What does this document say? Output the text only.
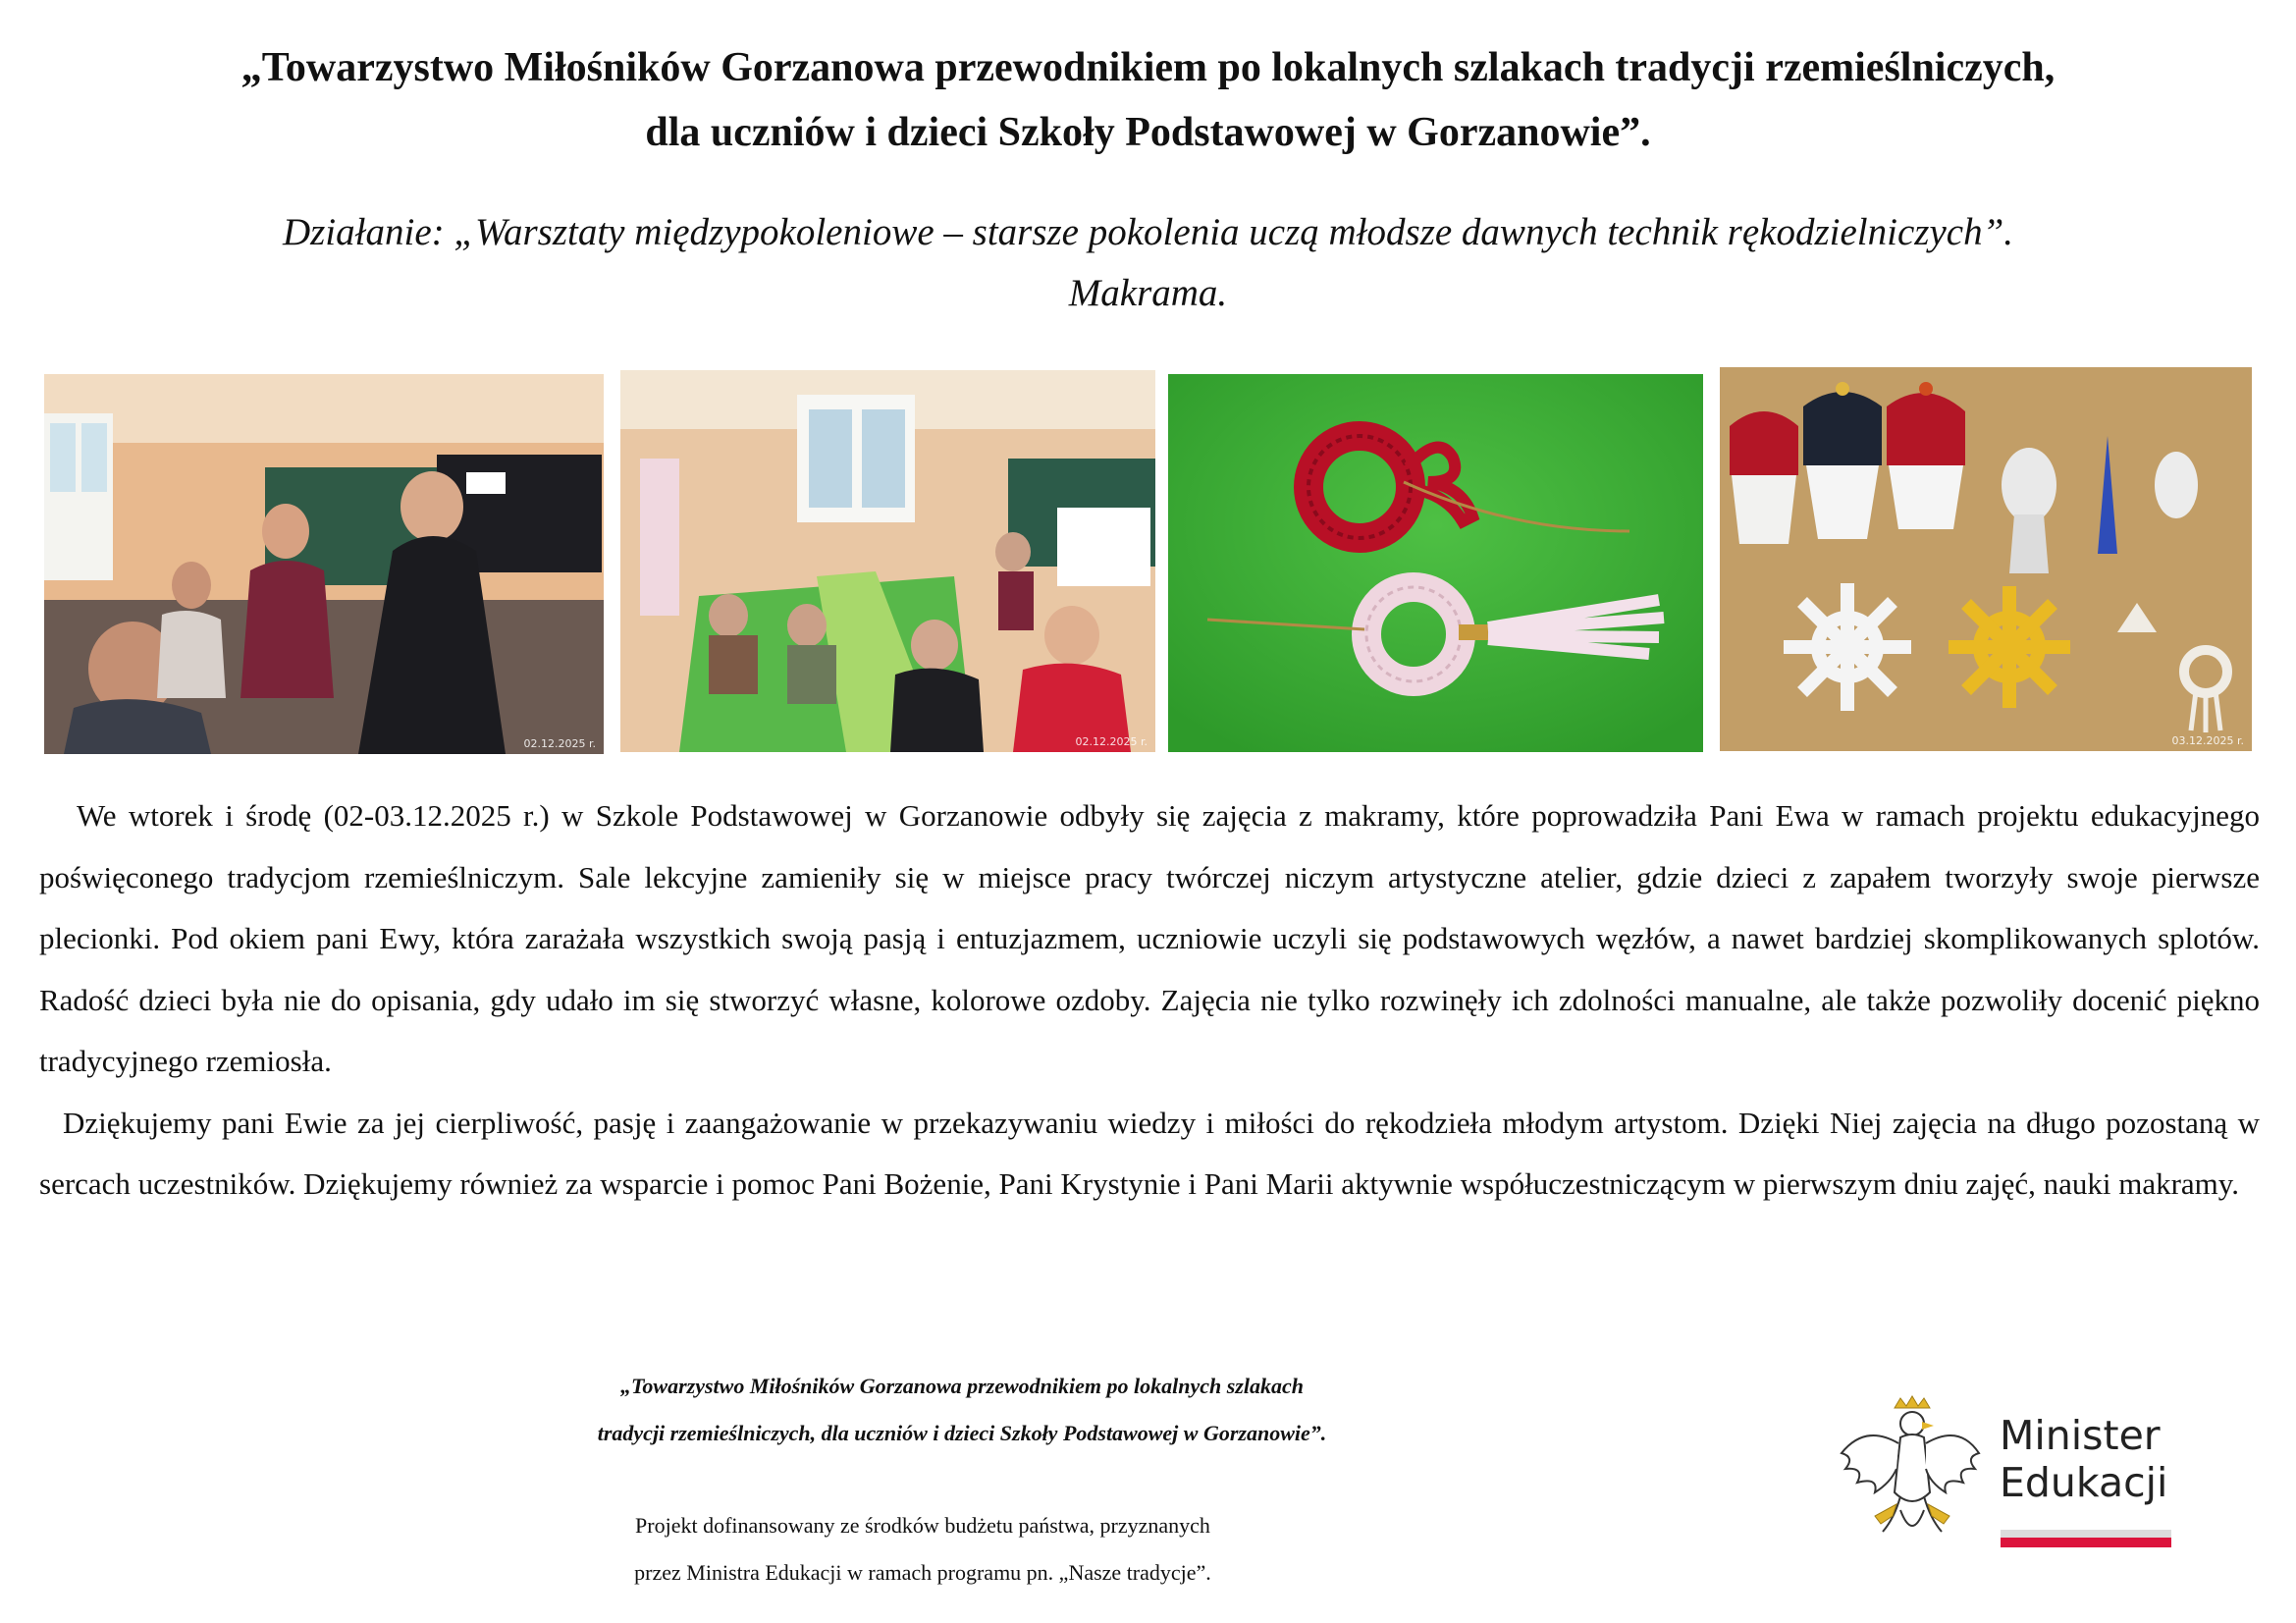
„Towarzystwo Miłośników Gorzanowa przewodnikiem po lokalnych szlakach tradycji rzemieślniczych,
dla uczniów i dzieci Szkoły Podstawowej w Gorzanowie”.
Działanie: „Warsztaty międzypokoleniowe – starsze pokolenia uczą młodsze dawnych technik rękodzielniczych”.
Makrama.
02.12.2025 r.	02.12.2025 r.	03.12.2025 r.

We wtorek i środę (02-03.12.2025 r.) w Szkole Podstawowej w Gorzanowie odbyły się zajęcia z makramy, które poprowadziła Pani Ewa w ramach projektu edukacyjnego poświęconego tradycjom rzemieślniczym. Sale lekcyjne zamieniły się w miejsce pracy twórczej niczym artystyczne atelier, gdzie dzieci z zapałem tworzyły swoje pierwsze plecionki. Pod okiem pani Ewy, która zarażała wszystkich swoją pasją i entuzjazmem, uczniowie uczyli się podstawowych węzłów, a nawet bardziej skomplikowanych splotów. Radość dzieci była nie do opisania, gdy udało im się stworzyć własne, kolorowe ozdoby. Zajęcia nie tylko rozwinęły ich zdolności manualne, ale także pozwoliły docenić piękno tradycyjnego rzemiosła.

Dziękujemy pani Ewie za jej cierpliwość, pasję i zaangażowanie w przekazywaniu wiedzy i miłości do rękodzieła młodym artystom. Dzięki Niej zajęcia na długo pozostaną w sercach uczestników. Dziękujemy również za wsparcie i pomoc Pani Bożenie, Pani Krystynie i Pani Marii aktywnie współuczestniczącym w pierwszym dniu zajęć, nauki makramy.

„Towarzystwo Miłośników Gorzanowa przewodnikiem po lokalnych szlakach
tradycji rzemieślniczych, dla uczniów i dzieci Szkoły Podstawowej w Gorzanowie”.
Projekt dofinansowany ze środków budżetu państwa, przyznanych
przez Ministra Edukacji w ramach programu pn. „Nasze tradycje”.
Minister
Edukacji
